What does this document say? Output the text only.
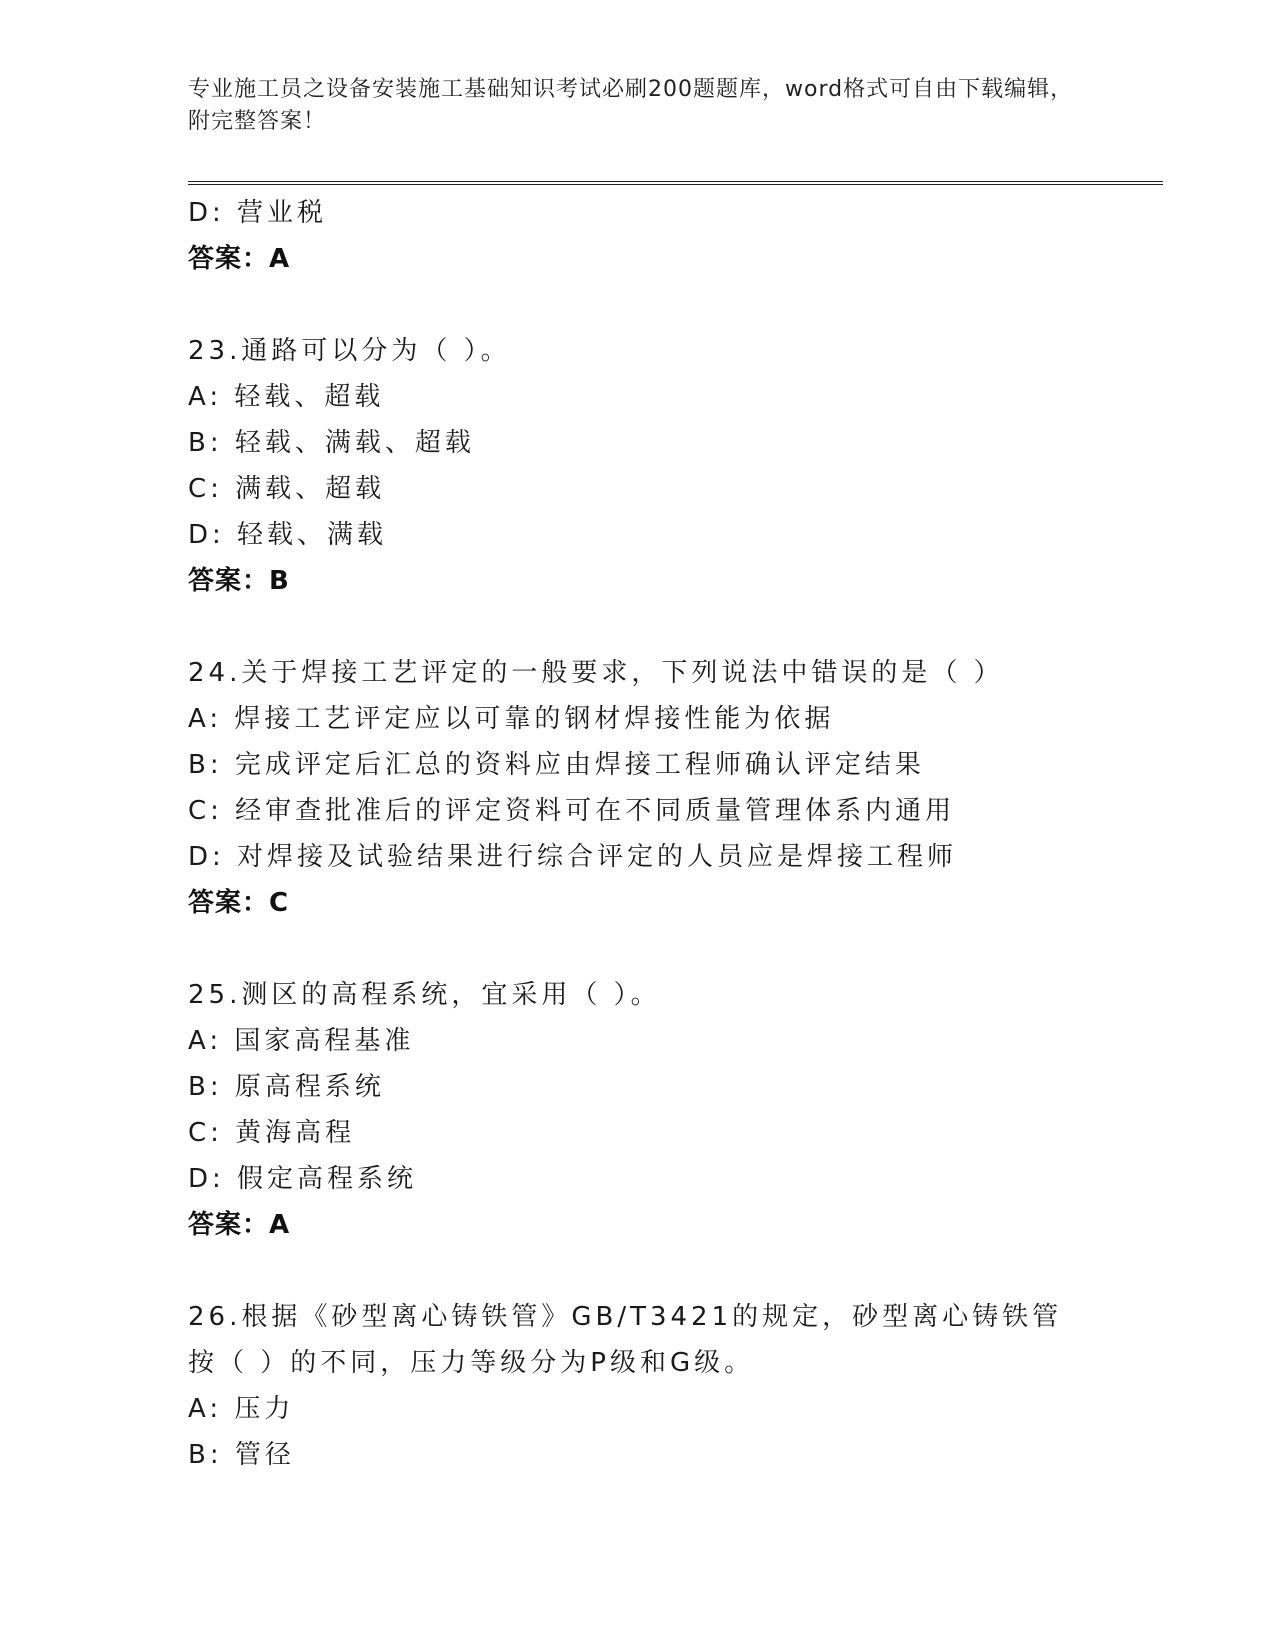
专业施工员之设备安装施工基础知识考试必刷200题题库，word格式可自由下载编辑，附完整答案！
D: 营业税
答案：A
23.通路可以分为（ ）。
A: 轻载、超载
B: 轻载、满载、超载
C: 满载、超载
D: 轻载、满载
答案：B
24.关于焊接工艺评定的一般要求，下列说法中错误的是（ ）
A: 焊接工艺评定应以可靠的钢材焊接性能为依据
B: 完成评定后汇总的资料应由焊接工程师确认评定结果
C: 经审查批准后的评定资料可在不同质量管理体系内通用
D: 对焊接及试验结果进行综合评定的人员应是焊接工程师
答案：C
25.测区的高程系统，宜采用（ ）。
A: 国家高程基准
B: 原高程系统
C: 黄海高程
D: 假定高程系统
答案：A
26.根据《砂型离心铸铁管》GB/T3421的规定，砂型离心铸铁管按（ ）的不同，压力等级分为P级和G级。
A: 压力
B: 管径
